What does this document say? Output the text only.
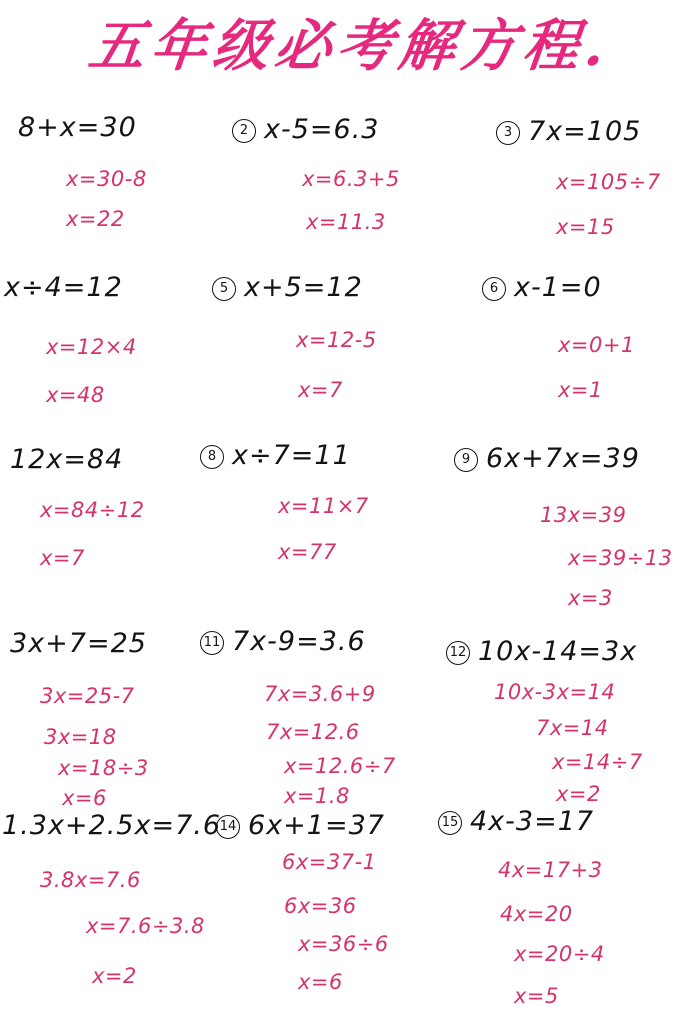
五年级必考解方程.
8+x=30
x=30-8
x=22
2 x-5=6.3
x=6.3+5
x=11.3
3 7x=105
x=105÷7
x=15
x÷4=12
x=12×4
x=48
5 x+5=12
x=12-5
x=7
6 x-1=0
x=0+1
x=1
12x=84
x=84÷12
x=7
8 x÷7=11
x=11×7
x=77
9 6x+7x=39
13x=39
x=39÷13
x=3
3x+7=25
3x=25-7
3x=18
x=18÷3
x=6
11 7x-9=3.6
7x=3.6+9
7x=12.6
x=12.6÷7
x=1.8
12 10x-14=3x
10x-3x=14
7x=14
x=14÷7
x=2
1.3x+2.5x=7.6
3.8x=7.6
x=7.6÷3.8
x=2
14 6x+1=37
6x=37-1
6x=36
x=36÷6
x=6
15 4x-3=17
4x=17+3
4x=20
x=20÷4
x=5
